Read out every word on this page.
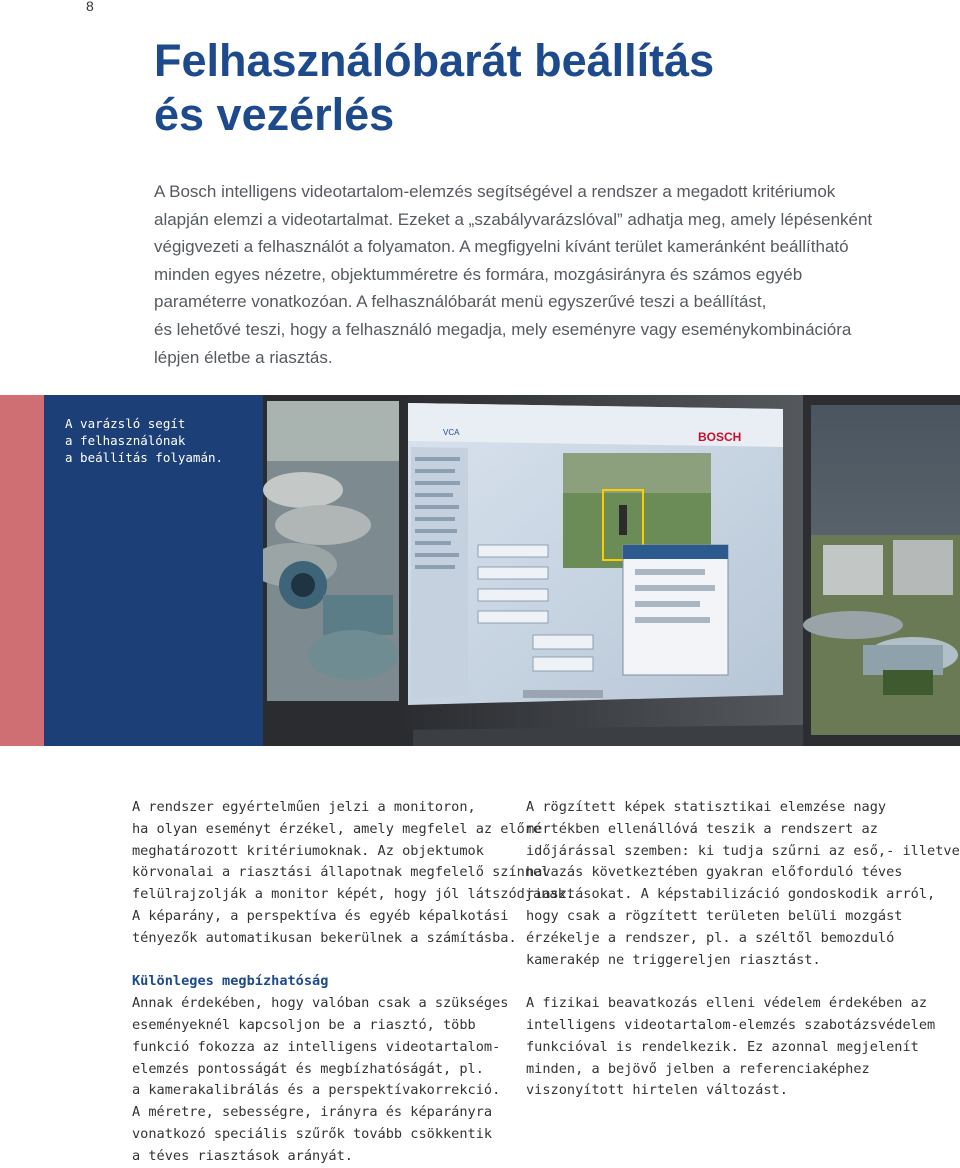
8
Felhasználóbarát beállítás
és vezérlés

A Bosch intelligens videotartalom-elemzés segítségével a rendszer a megadott kritériumok
alapján elemzi a videotartalmat. Ezeket a „szabályvarázslóval” adhatja meg, amely lépésenként
végigvezeti a felhasználót a folyamaton. A megfigyelni kívánt terület kameránként beállítható
minden egyes nézetre, objektumméretre és formára, mozgásirányra és számos egyéb
paraméterre vonatkozóan. A felhasználóbarát menü egyszerűvé teszi a beállítást,
és lehetővé teszi, hogy a felhasználó megadja, mely eseményre vagy eseménykombinációra
lépjen életbe a riasztás.

A varázsló segít
a felhasználónak
a beállítás folyamán.

VCA	BOSCH

A rendszer egyértelműen jelzi a monitoron,
ha olyan eseményt érzékel, amely megfelel az előre
meghatározott kritériumoknak. Az objektumok
körvonalai a riasztási állapotnak megfelelő színnel
felülrajzolják a monitor képét, hogy jól látszódjanak.
A képarány, a perspektíva és egyéb képalkotási
tényezők automatikusan bekerülnek a számításba.

Különleges megbízhatóság
Annak érdekében, hogy valóban csak a szükséges
eseményeknél kapcsoljon be a riasztó, több
funkció fokozza az intelligens videotartalom-
elemzés pontosságát és megbízhatóságát, pl.
a kamerakalibrálás és a perspektívakorrekció.
A méretre, sebességre, irányra és képarányra
vonatkozó speciális szűrők tovább csökkentik
a téves riasztások arányát.

A rögzített képek statisztikai elemzése nagy
mértékben ellenállóvá teszik a rendszert az
időjárással szemben: ki tudja szűrni az eső,- illetve
havazás következtében gyakran előforduló téves
riasztásokat. A képstabilizáció gondoskodik arról,
hogy csak a rögzített területen belüli mozgást
érzékelje a rendszer, pl. a széltől bemozduló
kamerakép ne triggereljen riasztást.

A fizikai beavatkozás elleni védelem érdekében az
intelligens videotartalom-elemzés szabotázsvédelem
funkcióval is rendelkezik. Ez azonnal megjelenít
minden, a bejövő jelben a referenciaképhez
viszonyított hirtelen változást.
